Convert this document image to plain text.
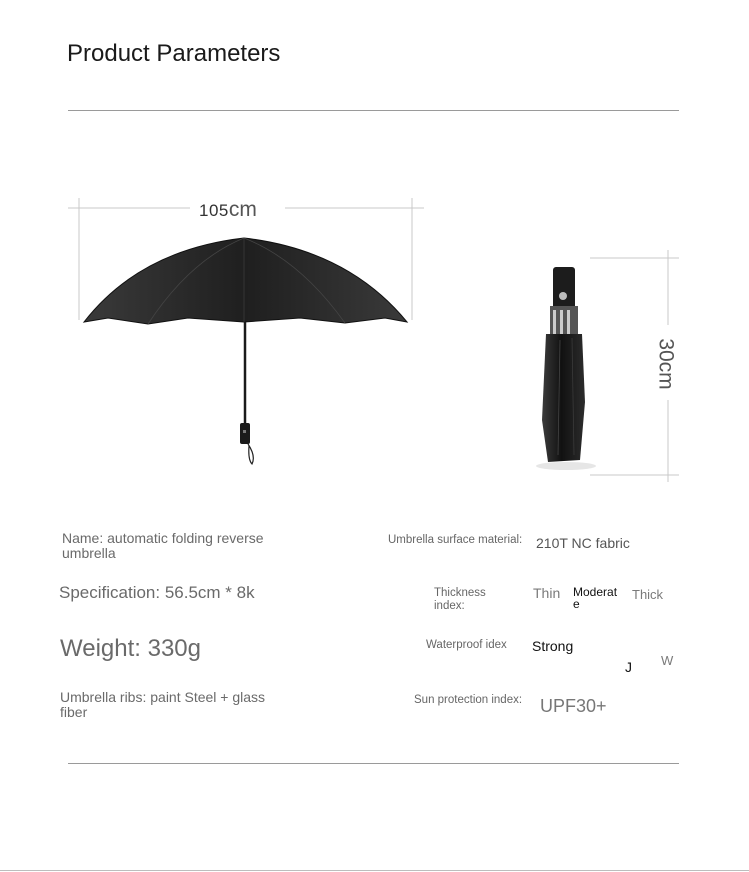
Product Parameters
105cm
30cm
Name: automatic folding reverse
umbrella
Specification: 56.5cm * 8k
Weight: 330g
Umbrella ribs: paint Steel + glass
fiber
Umbrella surface material: 210T NC fabric
Thickness
index:
Thin Moderat
e
Thick
Waterproof idex Strong
J W
Sun protection index: UPF30+
